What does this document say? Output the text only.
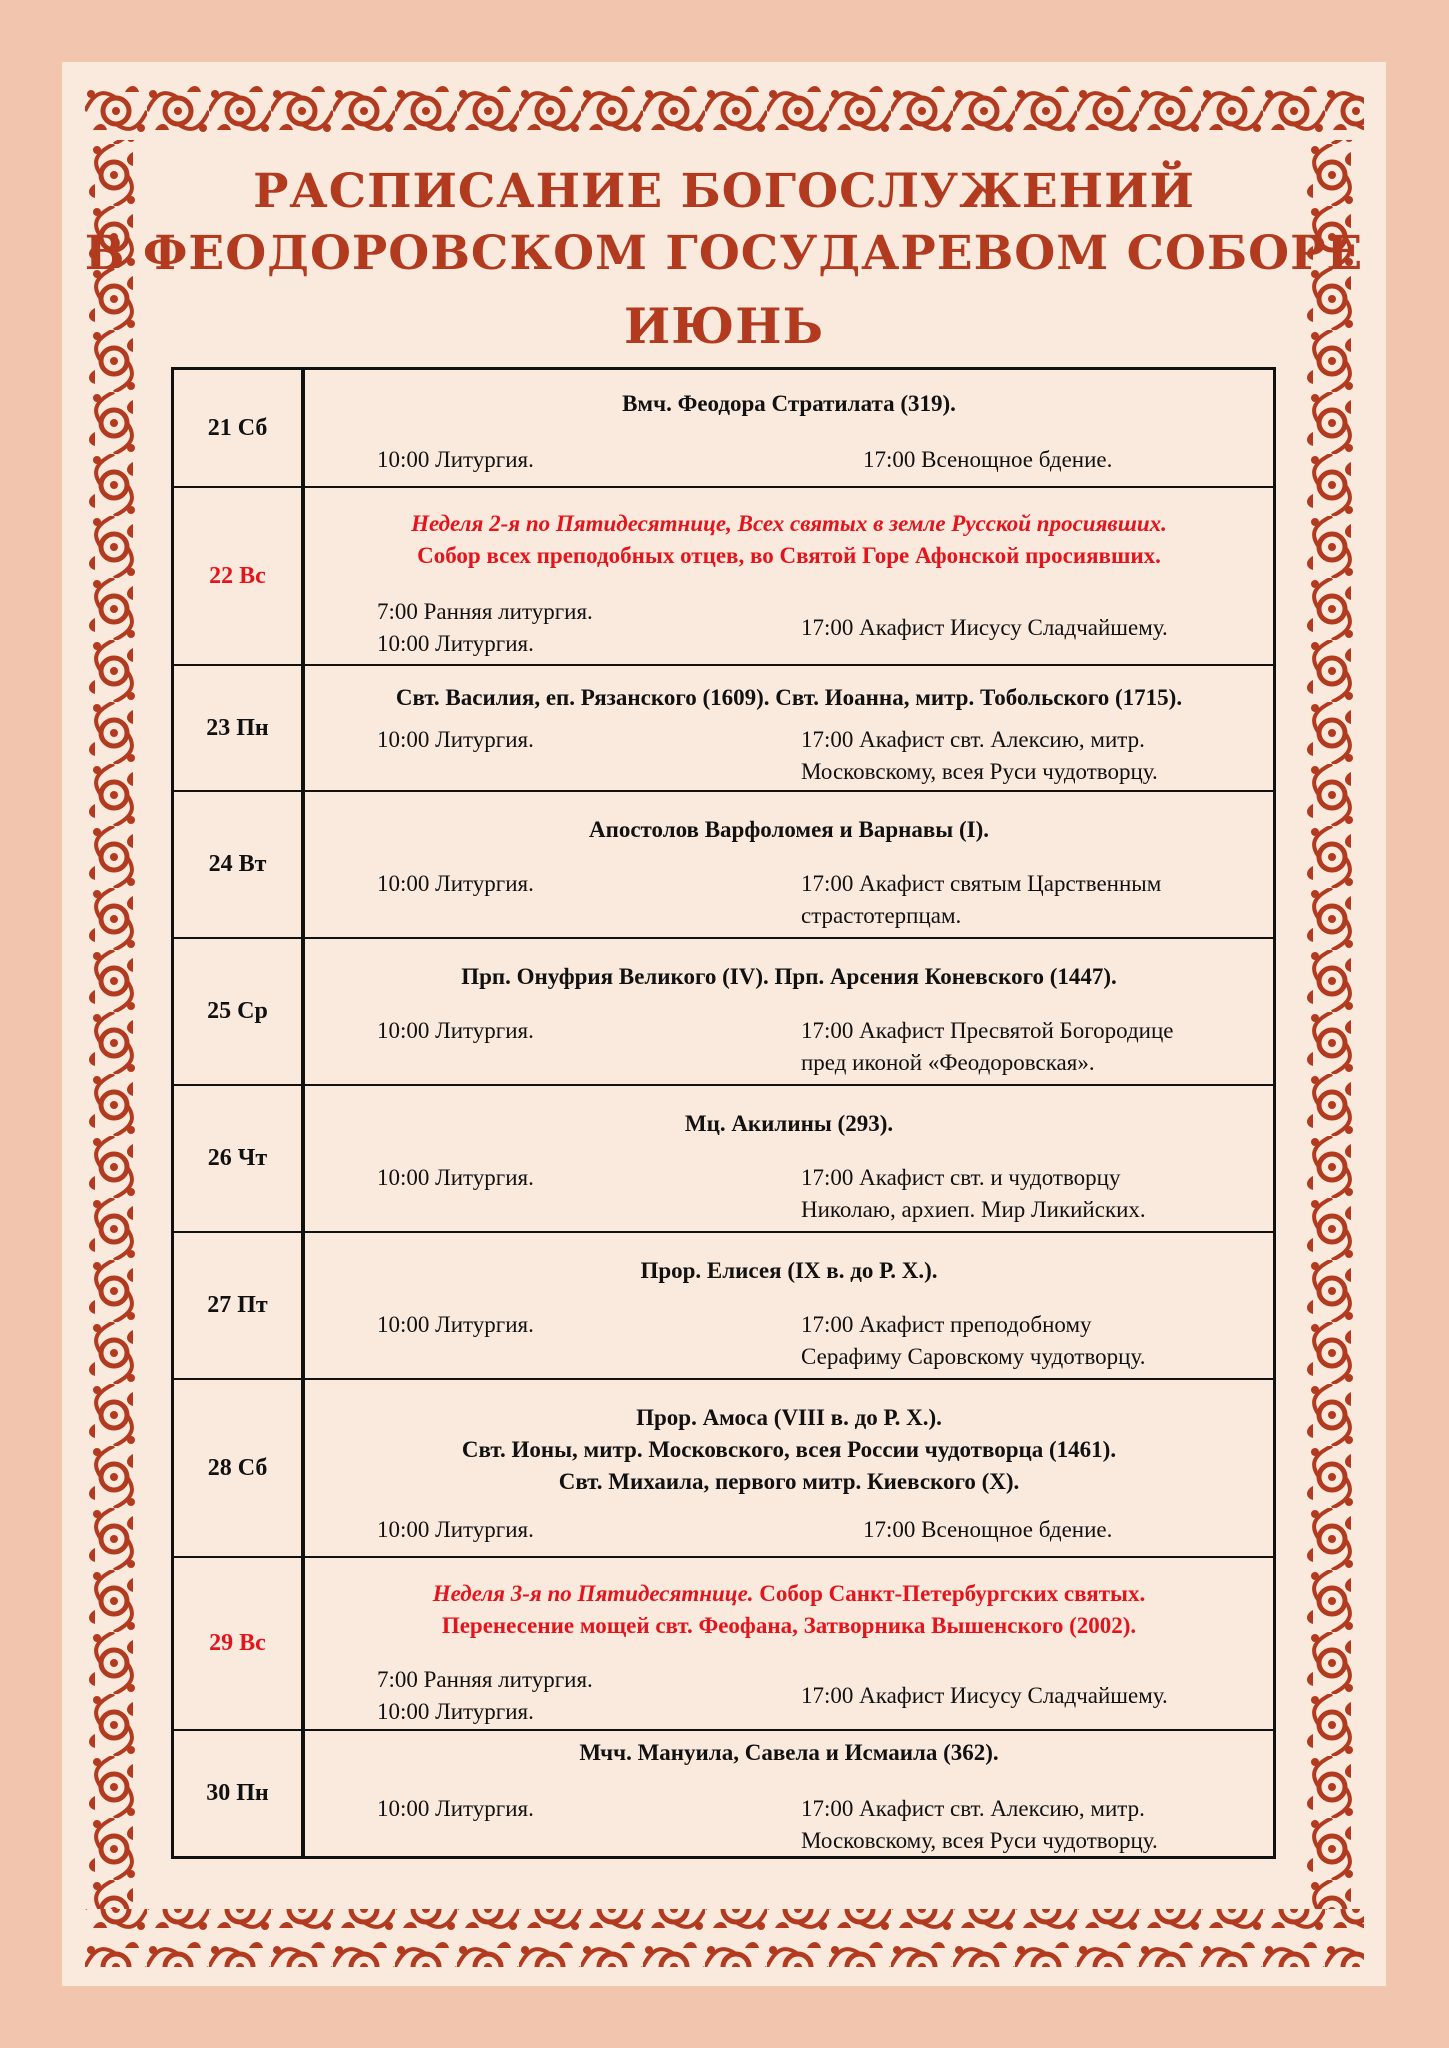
РАСПИСАНИЕ БОГОСЛУЖЕНИЙ
В ФЕОДОРОВСКОМ ГОСУДАРЕВОМ СОБОРЕ
ИЮНЬ
21 Сб
Вмч. Феодора Стратилата (319).
10:00 Литургия.	17:00 Всенощное бдение.
22 Вс
Неделя 2-я по Пятидесятнице, Всех святых в земле Русской просиявших.
Собор всех преподобных отцев, во Святой Горе Афонской просиявших.
7:00 Ранняя литургия.
10:00 Литургия.
17:00 Акафист Иисусу Сладчайшему.
23 Пн
Свт. Василия, еп. Рязанского (1609). Свт. Иоанна, митр. Тобольского (1715).
10:00 Литургия.	17:00 Акафист свт. Алексию, митр.
Московскому, всея Руси чудотворцу.
24 Вт
Апостолов Варфоломея и Варнавы (I).
10:00 Литургия.	17:00 Акафист святым Царственным
страстотерпцам.
25 Ср
Прп. Онуфрия Великого (IV). Прп. Арсения Коневского (1447).
10:00 Литургия.	17:00 Акафист Пресвятой Богородице
пред иконой «Феодоровская».
26 Чт
Мц. Акилины (293).
10:00 Литургия.	17:00 Акафист свт. и чудотворцу
Николаю, архиеп. Мир Ликийских.
27 Пт
Прор. Елисея (IX в. до Р. Х.).
10:00 Литургия.	17:00 Акафист преподобному
Серафиму Саровскому чудотворцу.
28 Сб
Прор. Амоса (VIII в. до Р. Х.).
Свт. Ионы, митр. Московского, всея России чудотворца (1461).
Свт. Михаила, первого митр. Киевского (X).
10:00 Литургия.	17:00 Всенощное бдение.
29 Вс
Неделя 3-я по Пятидесятнице. Собор Санкт-Петербургских святых.
Перенесение мощей свт. Феофана, Затворника Вышенского (2002).
7:00 Ранняя литургия.
10:00 Литургия.
17:00 Акафист Иисусу Сладчайшему.
30 Пн
Мчч. Мануила, Савела и Исмаила (362).
10:00 Литургия.	17:00 Акафист свт. Алексию, митр.
Московскому, всея Руси чудотворцу.
